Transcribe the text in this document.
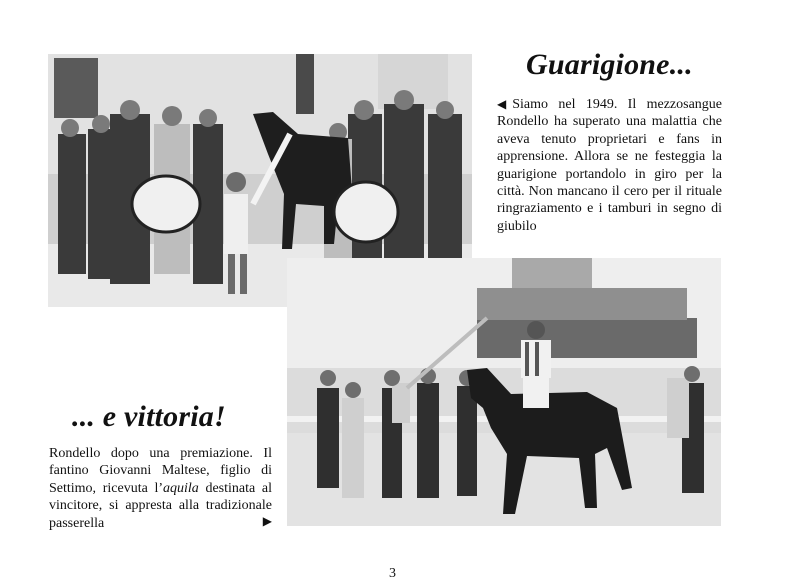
Guarigione...
◀ Siamo nel 1949. Il mezzosangue Rondello ha superato una malattia che aveva tenuto proprietari e fans in apprensione. Allora se ne festeggia la guarigione portandolo in giro per la città. Non mancano il cero per il rituale ringraziamento e i tamburi in segno di giubilo
... e vittoria!
Rondello dopo una premiazione. Il fantino Giovanni Maltese, figlio di Settimo, ricevuta l’aquila destinata al vincitore, si appresta alla tradizionale passerella	▶
3
